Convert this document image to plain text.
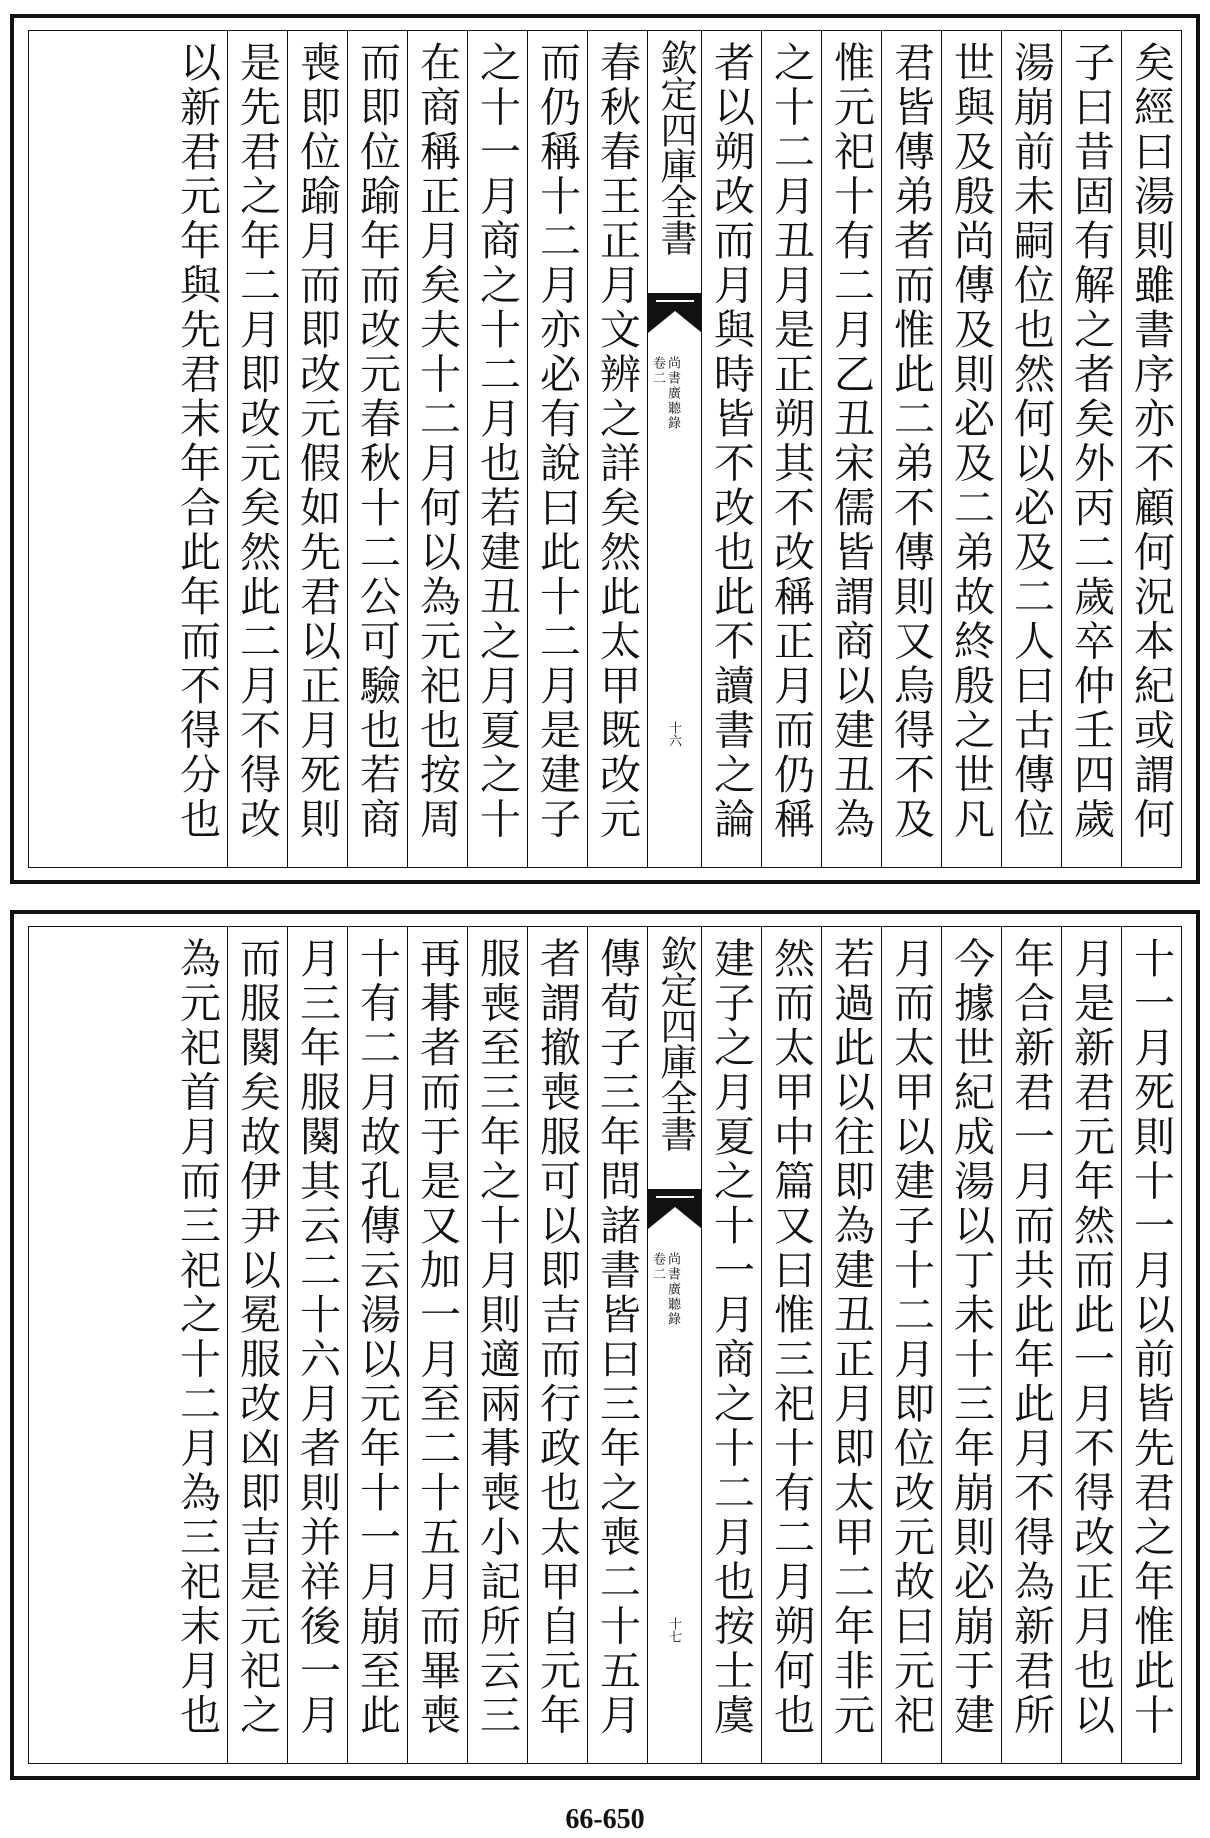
矣經曰湯則雖書序亦不顧何況本紀或謂何
子曰昔固有解之者矣外丙二歲卒仲壬四歲
湯崩前未嗣位也然何以必及二人曰古傳位
世與及殷尚傳及則必及二弟故終殷之世凡
君皆傳弟者而惟此二弟不傳則又烏得不及
惟元祀十有二月乙丑宋儒皆謂商以建丑為
之十二月丑月是正朔其不改稱正月而仍稱
者以朔改而月與時皆不改也此不讀書之論
欽定四庫全書
尚書廣聽錄
卷二
十六
春秋春王正月文辨之詳矣然此太甲既改元
而仍稱十二月亦必有說曰此十二月是建子
之十一月商之十二月也若建丑之月夏之十
在商稱正月矣夫十二月何以為元祀也按周
而即位踰年而改元春秋十二公可驗也若商
喪即位踰月而即改元假如先君以正月死則
是先君之年二月即改元矣然此二月不得改
以新君元年與先君末年合此年而不得分也
十一月死則十一月以前皆先君之年惟此十
月是新君元年然而此一月不得改正月也以
年合新君一月而共此年此月不得為新君所
今據世紀成湯以丁未十三年崩則必崩于建
月而太甲以建子十二月即位改元故曰元祀
若過此以往即為建丑正月即太甲二年非元
然而太甲中篇又曰惟三祀十有二月朔何也
建子之月夏之十一月商之十二月也按士虞
欽定四庫全書
尚書廣聽錄
卷二
十七
傳荀子三年問諸書皆曰三年之喪二十五月
者謂撤喪服可以即吉而行政也太甲自元年
服喪至三年之十月則適兩朞喪小記所云三
再朞者而于是又加一月至二十五月而畢喪
十有二月故孔傳云湯以元年十一月崩至此
月三年服闋其云二十六月者則并祥後一月
而服闋矣故伊尹以冕服改凶即吉是元祀之
為元祀首月而三祀之十二月為三祀末月也
66-650
